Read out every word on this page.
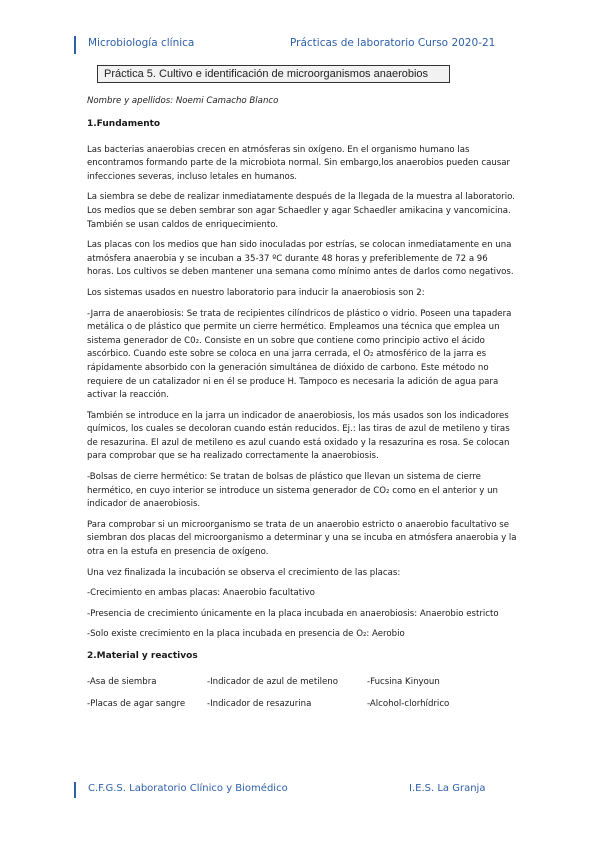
Microbiología clínica	Prácticas de laboratorio Curso 2020-21
Práctica 5. Cultivo e identificación de microorganismos anaerobios
Nombre y apellidos: Noemi Camacho Blanco
1.Fundamento

Las bacterias anaerobias crecen en atmósferas sin oxígeno. En el organismo humano las encontramos formando parte de la microbiota normal. Sin embargo,los anaerobios pueden causar infecciones severas, incluso letales en humanos.

La siembra se debe de realizar inmediatamente después de la llegada de la muestra al laboratorio. Los medios que se deben sembrar son agar Schaedler y agar Schaedler amikacina y vancomicina. También se usan caldos de enriquecimiento.

Las placas con los medios que han sido inoculadas por estrías, se colocan inmediatamente en una atmósfera anaerobia y se incuban a 35-37 ºC durante 48 horas y preferiblemente de 72 a 96 horas. Los cultivos se deben mantener una semana como mínimo antes de darlos como negativos.

Los sistemas usados en nuestro laboratorio para inducir la anaerobiosis son 2:

-Jarra de anaerobiosis: Se trata de recipientes cilíndricos de plástico o vidrio. Poseen una tapadera metálica o de plástico que permite un cierre hermético. Empleamos una técnica que emplea un sistema generador de C0₂. Consiste en un sobre que contiene como principio activo el ácido ascórbico. Cuando este sobre se coloca en una jarra cerrada, el O₂ atmosférico de la jarra es rápidamente absorbido con la generación simultánea de dióxido de carbono. Este método no requiere de un catalizador ni en él se produce H. Tampoco es necesaria la adición de agua para activar la reacción.

También se introduce en la jarra un indicador de anaerobiosis, los más usados son los indicadores químicos, los cuales se decoloran cuando están reducidos. Ej.: las tiras de azul de metileno y tiras de resazurina. El azul de metileno es azul cuando está oxidado y la resazurina es rosa. Se colocan para comprobar que se ha realizado correctamente la anaerobiosis.

-Bolsas de cierre hermético: Se tratan de bolsas de plástico que llevan un sistema de cierre hermético, en cuyo interior se introduce un sistema generador de CO₂ como en el anterior y un indicador de anaerobiosis.

Para comprobar si un microorganismo se trata de un anaerobio estricto o anaerobio facultativo se siembran dos placas del microorganismo a determinar y una se incuba en atmósfera anaerobia y la otra en la estufa en presencia de oxígeno.

Una vez finalizada la incubación se observa el crecimiento de las placas:

-Crecimiento en ambas placas: Anaerobio facultativo

-Presencia de crecimiento únicamente en la placa incubada en anaerobiosis: Anaerobio estricto

-Solo existe crecimiento en la placa incubada en presencia de O₂: Aerobio

2.Material y reactivos
-Asa de siembra	-Indicador de azul de metileno	-Fucsina Kinyoun
-Placas de agar sangre	-Indicador de resazurina	-Alcohol-clorhídrico
C.F.G.S. Laboratorio Clínico y Biomédico	I.E.S. La Granja
